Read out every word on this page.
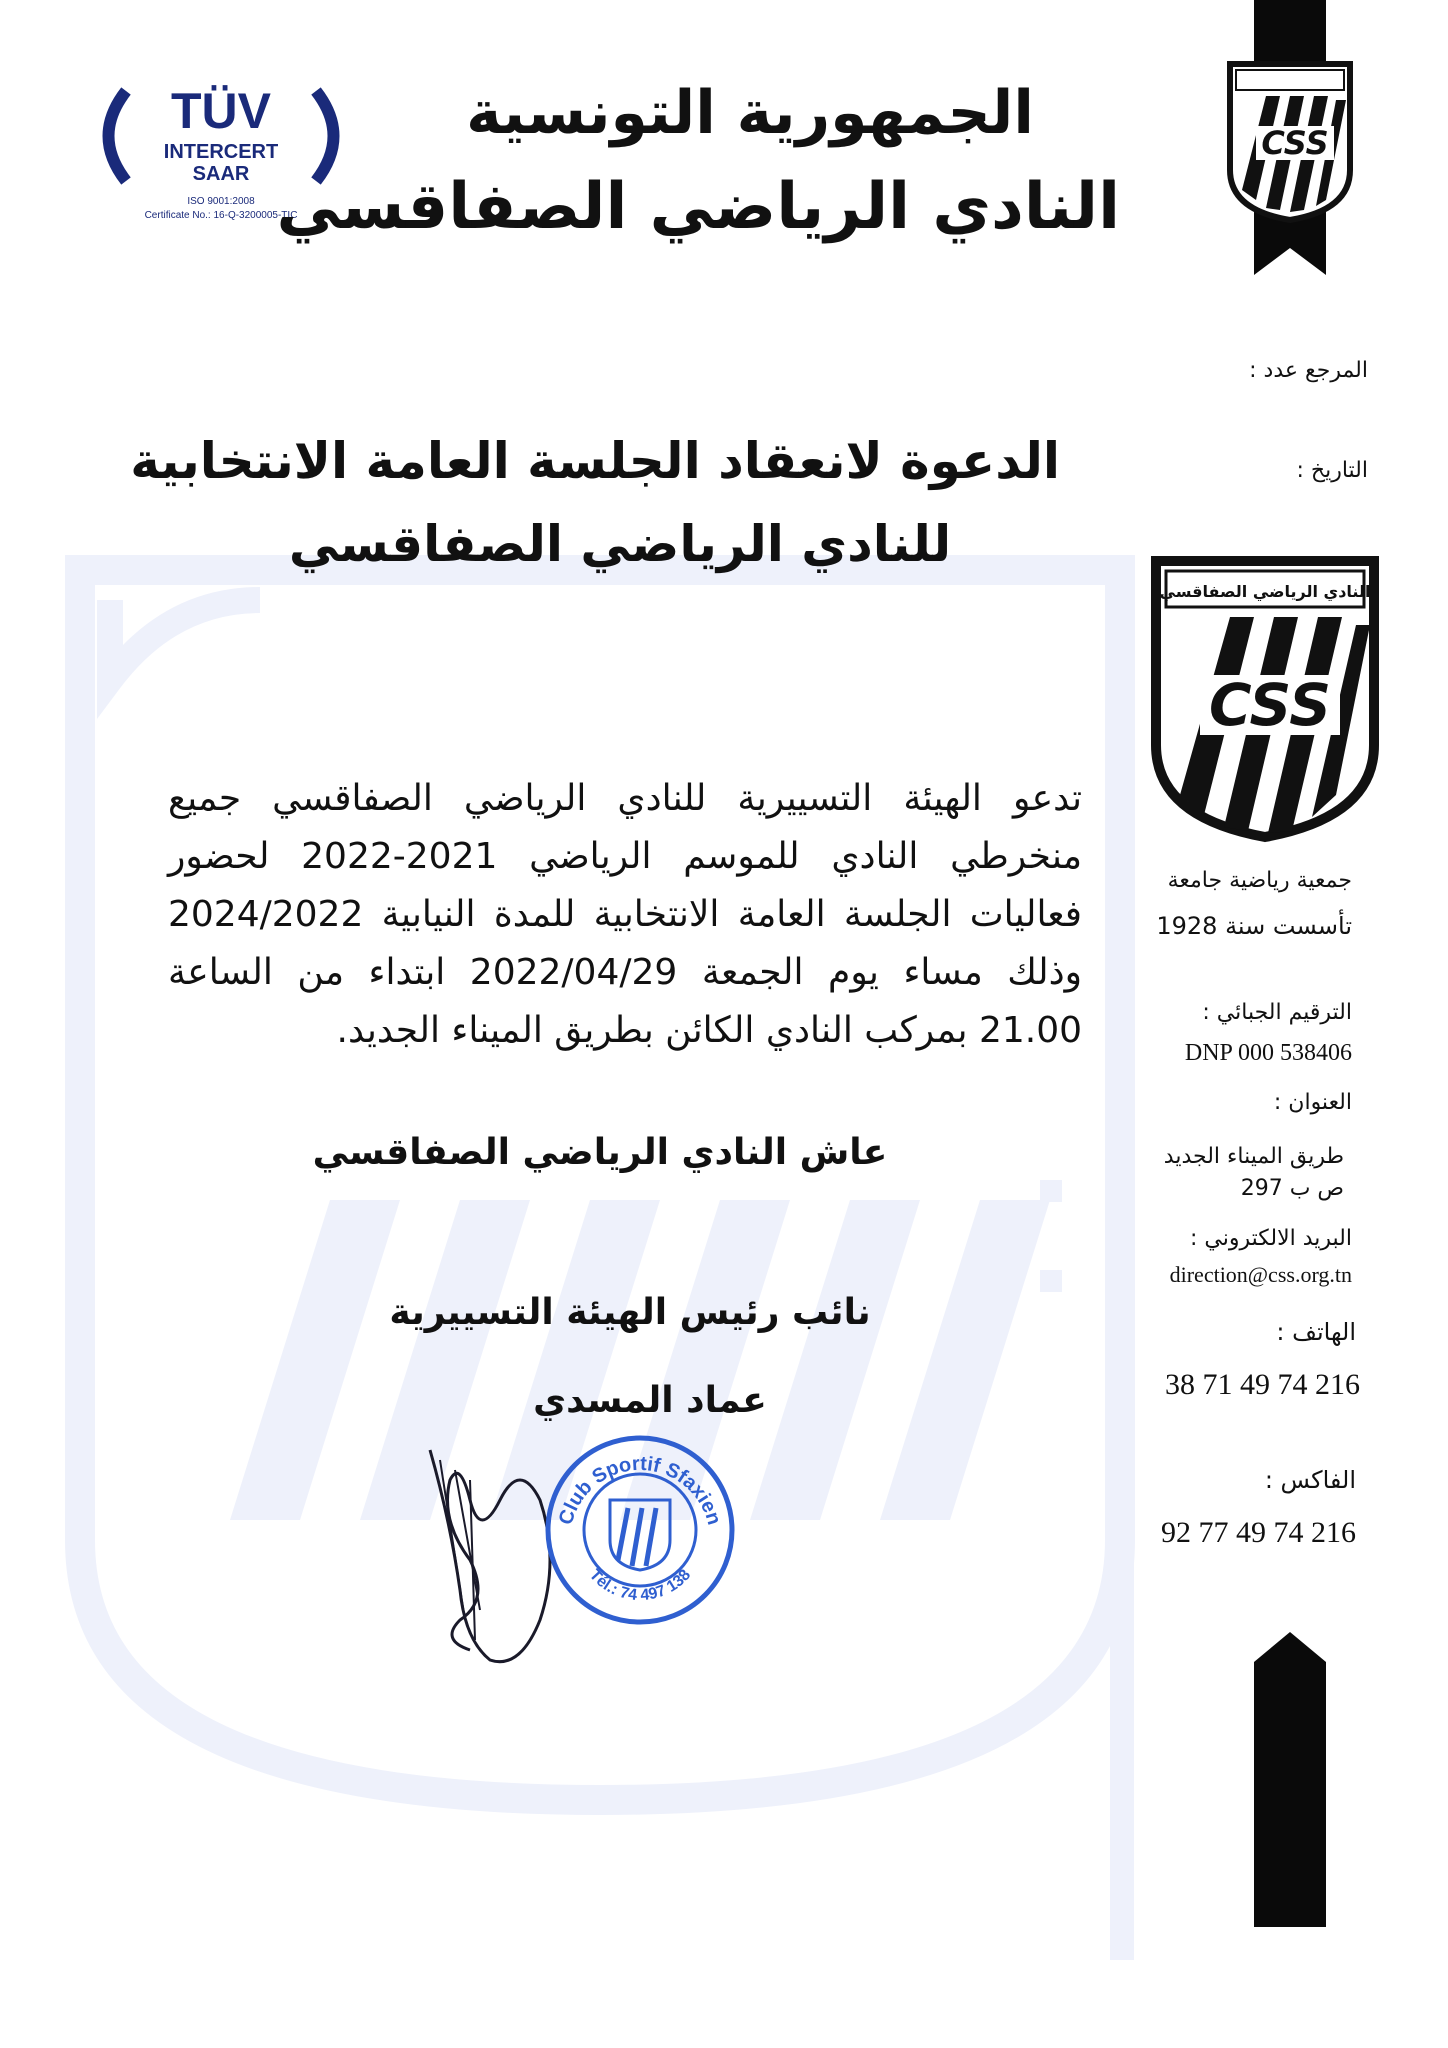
CSS
TÜV
INTERCERT
SAAR
ISO 9001:2008
Certificate No.: 16-Q-3200005-TIC
الجمهورية التونسية
النادي الرياضي الصفاقسي
المرجع عدد :
التاريخ :
النادي الرياضي الصفاقسي
CSS
جمعية رياضية جامعة
تأسست سنة 1928
الترقيم الجبائي :
538406 DNP 000
العنوان :
طريق الميناء الجديد
ص ب 297
البريد الالكتروني :
direction@css.org.tn
الهاتف :
216 74 49 71 38
الفاكس :
216 74 49 77 92
الدعوة لانعقاد الجلسة العامة الانتخابية
للنادي الرياضي الصفاقسي
تدعو الهيئة التسييرية للنادي الرياضي الصفاقسي جميع منخرطي النادي للموسم الرياضي 2021-2022 لحضور فعاليات الجلسة العامة الانتخابية للمدة النيابية 2024/2022 وذلك مساء يوم الجمعة 2022/04/29 ابتداء من الساعة 21.00 بمركب النادي الكائن بطريق الميناء الجديد.
عاش النادي الرياضي الصفاقسي
نائب رئيس الهيئة التسييرية
عماد المسدي
Club Sportif Sfaxien
Tél.: 74 497 138
